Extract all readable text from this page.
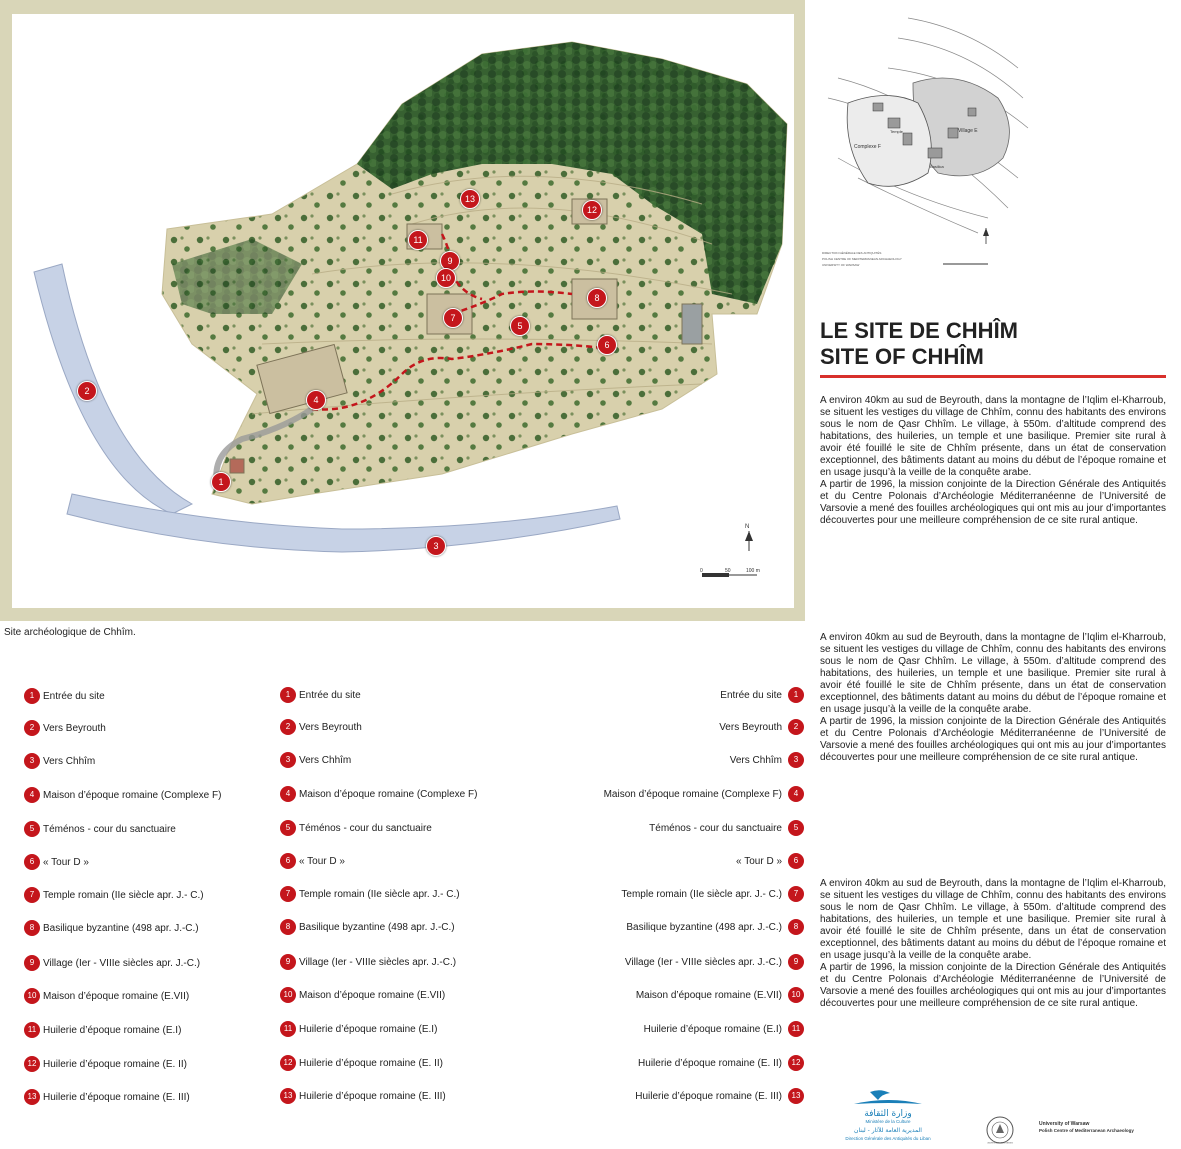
0	50	100 m
N
1
2
3
4
5
6
7
8
9
10
11
12
13
Site archéologique de Chhîm.
Complexe F
Village E
Basilica
Temple
DIRECTION GÉNÉRALE DES ANTIQUITÉS
POLISH CENTRE OF MEDITERRANEAN ARCHAEOLOGY
UNIVERSITY OF WARSAW
LE SITE DE CHHÎM
SITE OF CHHÎM
A environ 40km au sud de Beyrouth, dans la montagne de l’Iqlim el-Kharroub, se situent les vestiges du village de Chhîm, connu des habitants des environs sous le nom de Qasr Chhîm. Le village, à 550m. d’altitude comprend des habitations, des huileries, un temple et une basilique. Premier site rural à avoir été fouillé le site de Chhîm présente, dans un état de conservation exceptionnel, des bâtiments datant au moins du début de l’époque romaine et en usage jusqu’à la veille de la conquête arabe.
A partir de 1996, la mission conjointe de la Direction Générale des Antiquités et du Centre Polonais d’Archéologie Méditerranéenne de l’Université de Varsovie a mené des fouilles archéologiques qui ont mis au jour d’importantes découvertes pour une meilleure compréhension de ce site rural antique.
A environ 40km au sud de Beyrouth, dans la montagne de l’Iqlim el-Kharroub, se situent les vestiges du village de Chhîm, connu des habitants des environs sous le nom de Qasr Chhîm. Le village, à 550m. d’altitude comprend des habitations, des huileries, un temple et une basilique. Premier site rural à avoir été fouillé le site de Chhîm présente, dans un état de conservation exceptionnel, des bâtiments datant au moins du début de l’époque romaine et en usage jusqu’à la veille de la conquête arabe.
A partir de 1996, la mission conjointe de la Direction Générale des Antiquités et du Centre Polonais d’Archéologie Méditerranéenne de l’Université de Varsovie a mené des fouilles archéologiques qui ont mis au jour d’importantes découvertes pour une meilleure compréhension de ce site rural antique.
A environ 40km au sud de Beyrouth, dans la montagne de l’Iqlim el-Kharroub, se situent les vestiges du village de Chhîm, connu des habitants des environs sous le nom de Qasr Chhîm. Le village, à 550m. d’altitude comprend des habitations, des huileries, un temple et une basilique. Premier site rural à avoir été fouillé le site de Chhîm présente, dans un état de conservation exceptionnel, des bâtiments datant au moins du début de l’époque romaine et en usage jusqu’à la veille de la conquête arabe.
A partir de 1996, la mission conjointe de la Direction Générale des Antiquités et du Centre Polonais d’Archéologie Méditerranéenne de l’Université de Varsovie a mené des fouilles archéologiques qui ont mis au jour d’importantes découvertes pour une meilleure compréhension de ce site rural antique.
1 Entrée du site
2 Vers Beyrouth
3 Vers Chhîm
4 Maison d’époque romaine (Complexe F)
5 Téménos - cour du sanctuaire
6 « Tour D »
7 Temple romain (IIe siècle apr. J.- C.)
8 Basilique byzantine (498 apr. J.-C.)
9 Village (Ier - VIIIe siècles apr. J.-C.)
10 Maison d’époque romaine (E.VII)
11 Huilerie d’époque romaine (E.I)
12 Huilerie d’époque romaine (E. II)
13 Huilerie d’époque romaine (E. III)
1 Entrée du site
2 Vers Beyrouth
3 Vers Chhîm
4 Maison d’époque romaine (Complexe F)
5 Téménos - cour du sanctuaire
6 « Tour D »
7 Temple romain (IIe siècle apr. J.- C.)
8 Basilique byzantine (498 apr. J.-C.)
9 Village (Ier - VIIIe siècles apr. J.-C.)
10 Maison d’époque romaine (E.VII)
11 Huilerie d’époque romaine (E.I)
12 Huilerie d’époque romaine (E. II)
13 Huilerie d’époque romaine (E. III)
1
Entrée du site
2
Vers Beyrouth
3
Vers Chhîm
4
Maison d’époque romaine (Complexe F)
5
Téménos - cour du sanctuaire
6
« Tour D »
7
Temple romain (IIe siècle apr. J.- C.)
8
Basilique byzantine (498 apr. J.-C.)
9
Village (Ier - VIIIe siècles apr. J.-C.)
10
Maison d’époque romaine (E.VII)
11
Huilerie d’époque romaine (E.I)
12
Huilerie d’époque romaine (E. II)
13
Huilerie d’époque romaine (E. III)
وزارة الثقافة
Ministère de la Culture
المديرية العامة للآثار - لبنان
Direction Générale des Antiquités du Liban
UNIVERSITAS VARSOVIENSIS
University of Warsaw
Polish Centre of Mediterranean Archaeology
